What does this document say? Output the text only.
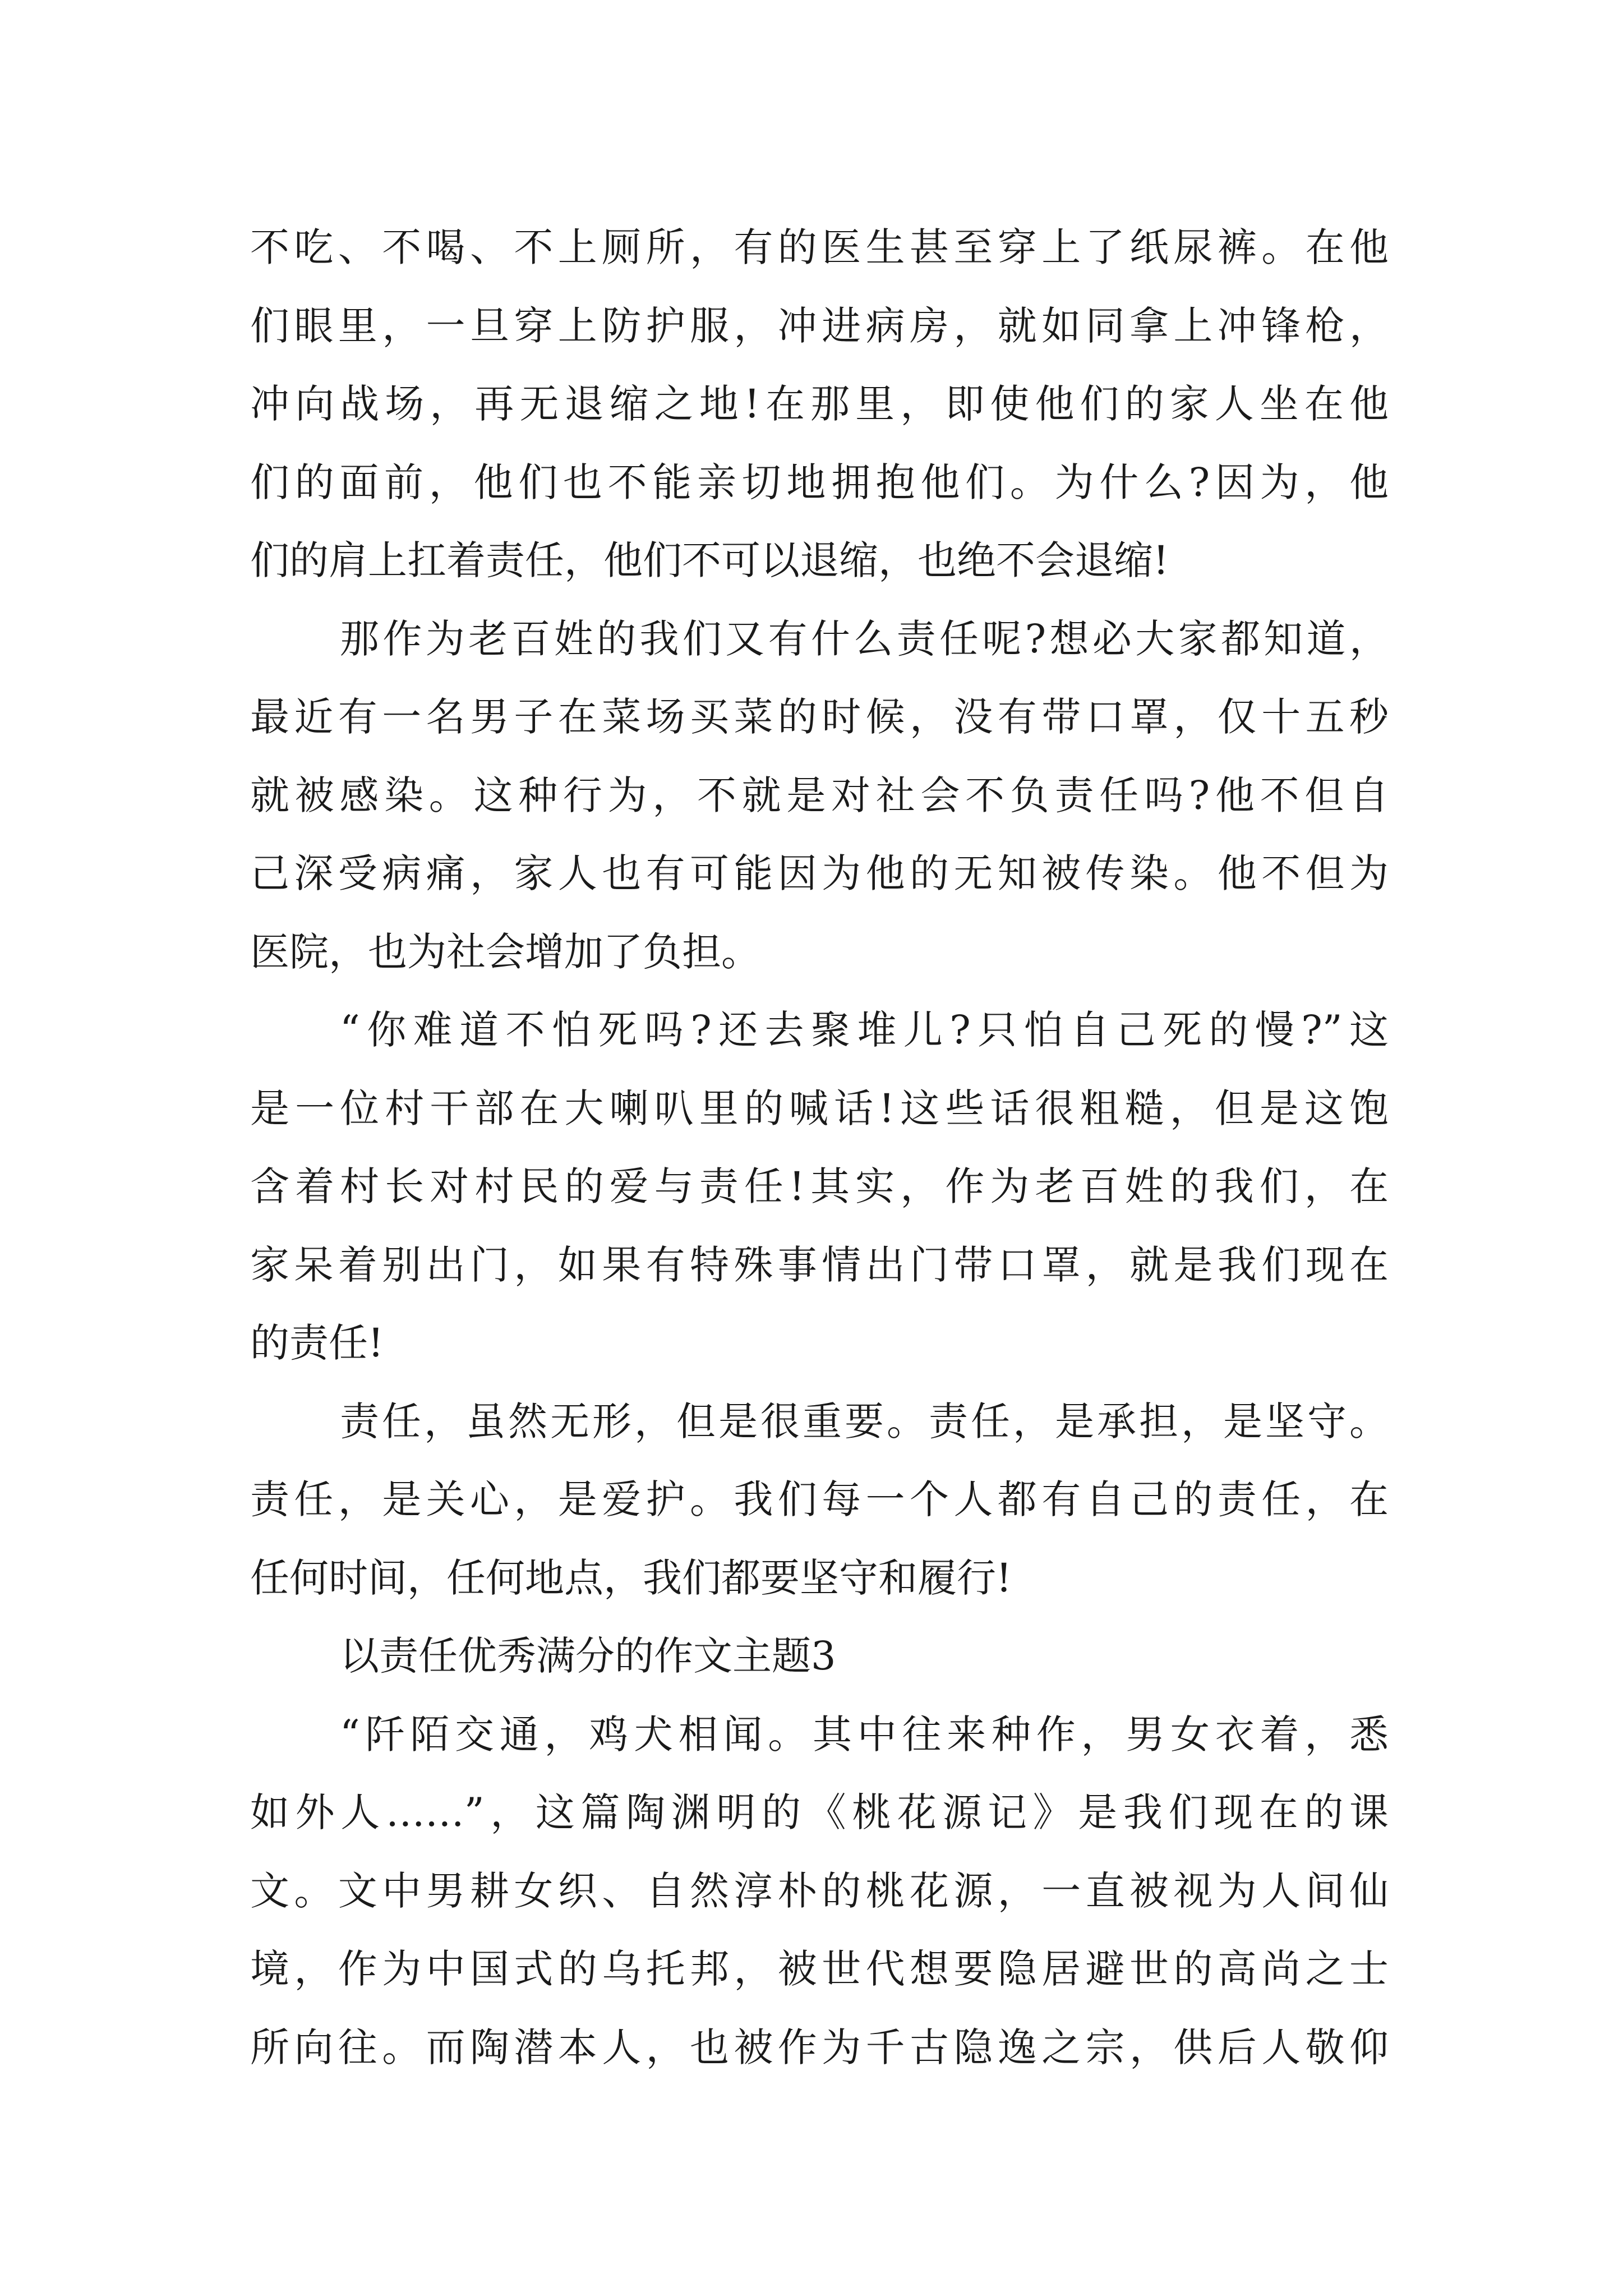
不吃、不喝、不上厕所，有的医生甚至穿上了纸尿裤。在他
们眼里，一旦穿上防护服，冲进病房，就如同拿上冲锋枪，
冲向战场，再无退缩之地!在那里，即使他们的家人坐在他
们的面前，他们也不能亲切地拥抱他们。为什么?因为，他
们的肩上扛着责任，他们不可以退缩，也绝不会退缩!
那作为老百姓的我们又有什么责任呢?想必大家都知道，
最近有一名男子在菜场买菜的时候，没有带口罩，仅十五秒
就被感染。这种行为，不就是对社会不负责任吗?他不但自
己深受病痛，家人也有可能因为他的无知被传染。他不但为
医院，也为社会增加了负担。
“你难道不怕死吗?还去聚堆儿?只怕自己死的慢?”这
是一位村干部在大喇叭里的喊话!这些话很粗糙，但是这饱
含着村长对村民的爱与责任!其实，作为老百姓的我们，在
家呆着别出门，如果有特殊事情出门带口罩，就是我们现在
的责任!
责任，虽然无形，但是很重要。责任，是承担，是坚守。
责任，是关心，是爱护。我们每一个人都有自己的责任，在
任何时间，任何地点，我们都要坚守和履行!
以责任优秀满分的作文主题3
“阡陌交通，鸡犬相闻。其中往来种作，男女衣着，悉
如外人……”，这篇陶渊明的《桃花源记》是我们现在的课
文。文中男耕女织、自然淳朴的桃花源，一直被视为人间仙
境，作为中国式的乌托邦，被世代想要隐居避世的高尚之士
所向往。而陶潜本人，也被作为千古隐逸之宗，供后人敬仰
